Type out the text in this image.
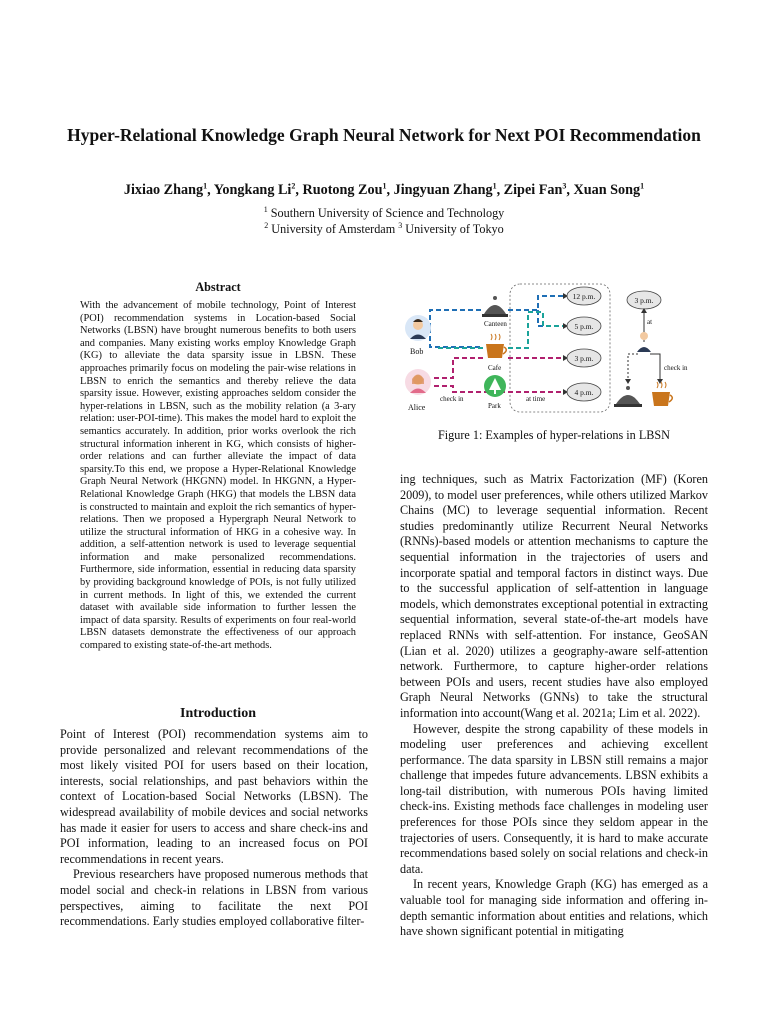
Hyper-Relational Knowledge Graph Neural Network for Next POI Recommendation
Jixiao Zhang$^1$, Yongkang Li$^2$, Ruotong Zou$^1$, Jingyuan Zhang$^1$, Zipei Fan$^3$, Xuan Song$^1$
$^1$ Southern University of Science and Technology
$^2$ University of Amsterdam $^3$ University of Tokyo
Abstract
With the advancement of mobile technology, Point of Interest (POI) recommendation systems in Location-based Social Networks (LBSN) have brought numerous benefits to both users and companies. Many existing works employ Knowledge Graph (KG) to alleviate the data sparsity issue in LBSN. These approaches primarily focus on modeling the pair-wise relations in LBSN to enrich the semantics and thereby relieve the data sparsity issue. However, existing approaches seldom consider the hyper-relations in LBSN, such as the mobility relation (a 3-ary relation: user-POI-time). This makes the model hard to exploit the semantics accurately. In addition, prior works overlook the rich structural information inherent in KG, which consists of higher-order relations and can further alleviate the impact of data sparsity.To this end, we propose a Hyper-Relational Knowledge Graph Neural Network (HKGNN) model. In HKGNN, a Hyper-Relational Knowledge Graph (HKG) that models the LBSN data is constructed to maintain and exploit the rich semantics of hyper-relations. Then we proposed a Hypergraph Neural Network to utilize the structural information of HKG in a cohesive way. In addition, a self-attention network is used to leverage sequential information and make personalized recommendations. Furthermore, side information, essential in reducing data sparsity by providing background knowledge of POIs, is not fully utilized in current methods. In light of this, we extended the current dataset with available side information to further lessen the impact of data sparsity. Results of experiments on four real-world LBSN datasets demonstrate the effectiveness of our approach compared to existing state-of-the-art methods.
Introduction

Point of Interest (POI) recommendation systems aim to provide personalized and relevant recommendations of the most likely visited POI for users based on their location, interests, social relationships, and past behaviors within the context of Location-based Social Networks (LBSN). The widespread availability of mobile devices and social networks has made it easier for users to access and share check-ins and POI information, leading to an increased focus on POI recommendations in recent years.

Previous researchers have proposed numerous methods that model social and check-in relations in LBSN from various perspectives, aiming to facilitate the next POI recommendations. Early studies employed collaborative filter-

ing techniques, such as Matrix Factorization (MF) (Koren 2009), to model user preferences, while others utilized Markov Chains (MC) to leverage sequential information. Recent studies predominantly utilize Recurrent Neural Networks (RNNs)-based models or attention mechanisms to capture the sequential information in the trajectories of users and incorporate spatial and temporal factors in distinct ways. Due to the successful application of self-attention in language models, which demonstrates exceptional potential in extracting sequential information, several state-of-the-art models have replaced RNNs with self-attention. For instance, GeoSAN (Lian et al. 2020) utilizes a geography-aware self-attention network. Furthermore, to capture higher-order relations between POIs and users, recent studies have also employed Graph Neural Networks (GNNs) to take the structural information into account(Wang et al. 2021a; Lim et al. 2022).

However, despite the strong capability of these models in modeling user preferences and achieving excellent performance. The data sparsity in LBSN still remains a major challenge that impedes future advancements. LBSN exhibits a long-tail distribution, with numerous POIs having limited check-ins. Existing methods face challenges in modeling user preferences for those POIs since they seldom appear in the trajectories of users. Consequently, it is hard to make accurate recommendations based solely on social relations and check-in data.

In recent years, Knowledge Graph (KG) has emerged as a valuable tool for managing side information and offering in-depth semantic information about entities and relations, which have shown significant potential in mitigating

Bob
Alice
Canteen
Cafe
Park
12 p.m.
5 p.m.
3 p.m.
4 p.m.
check in	at time
3 p.m.
at
check in
Figure 1: Examples of hyper-relations in LBSN
